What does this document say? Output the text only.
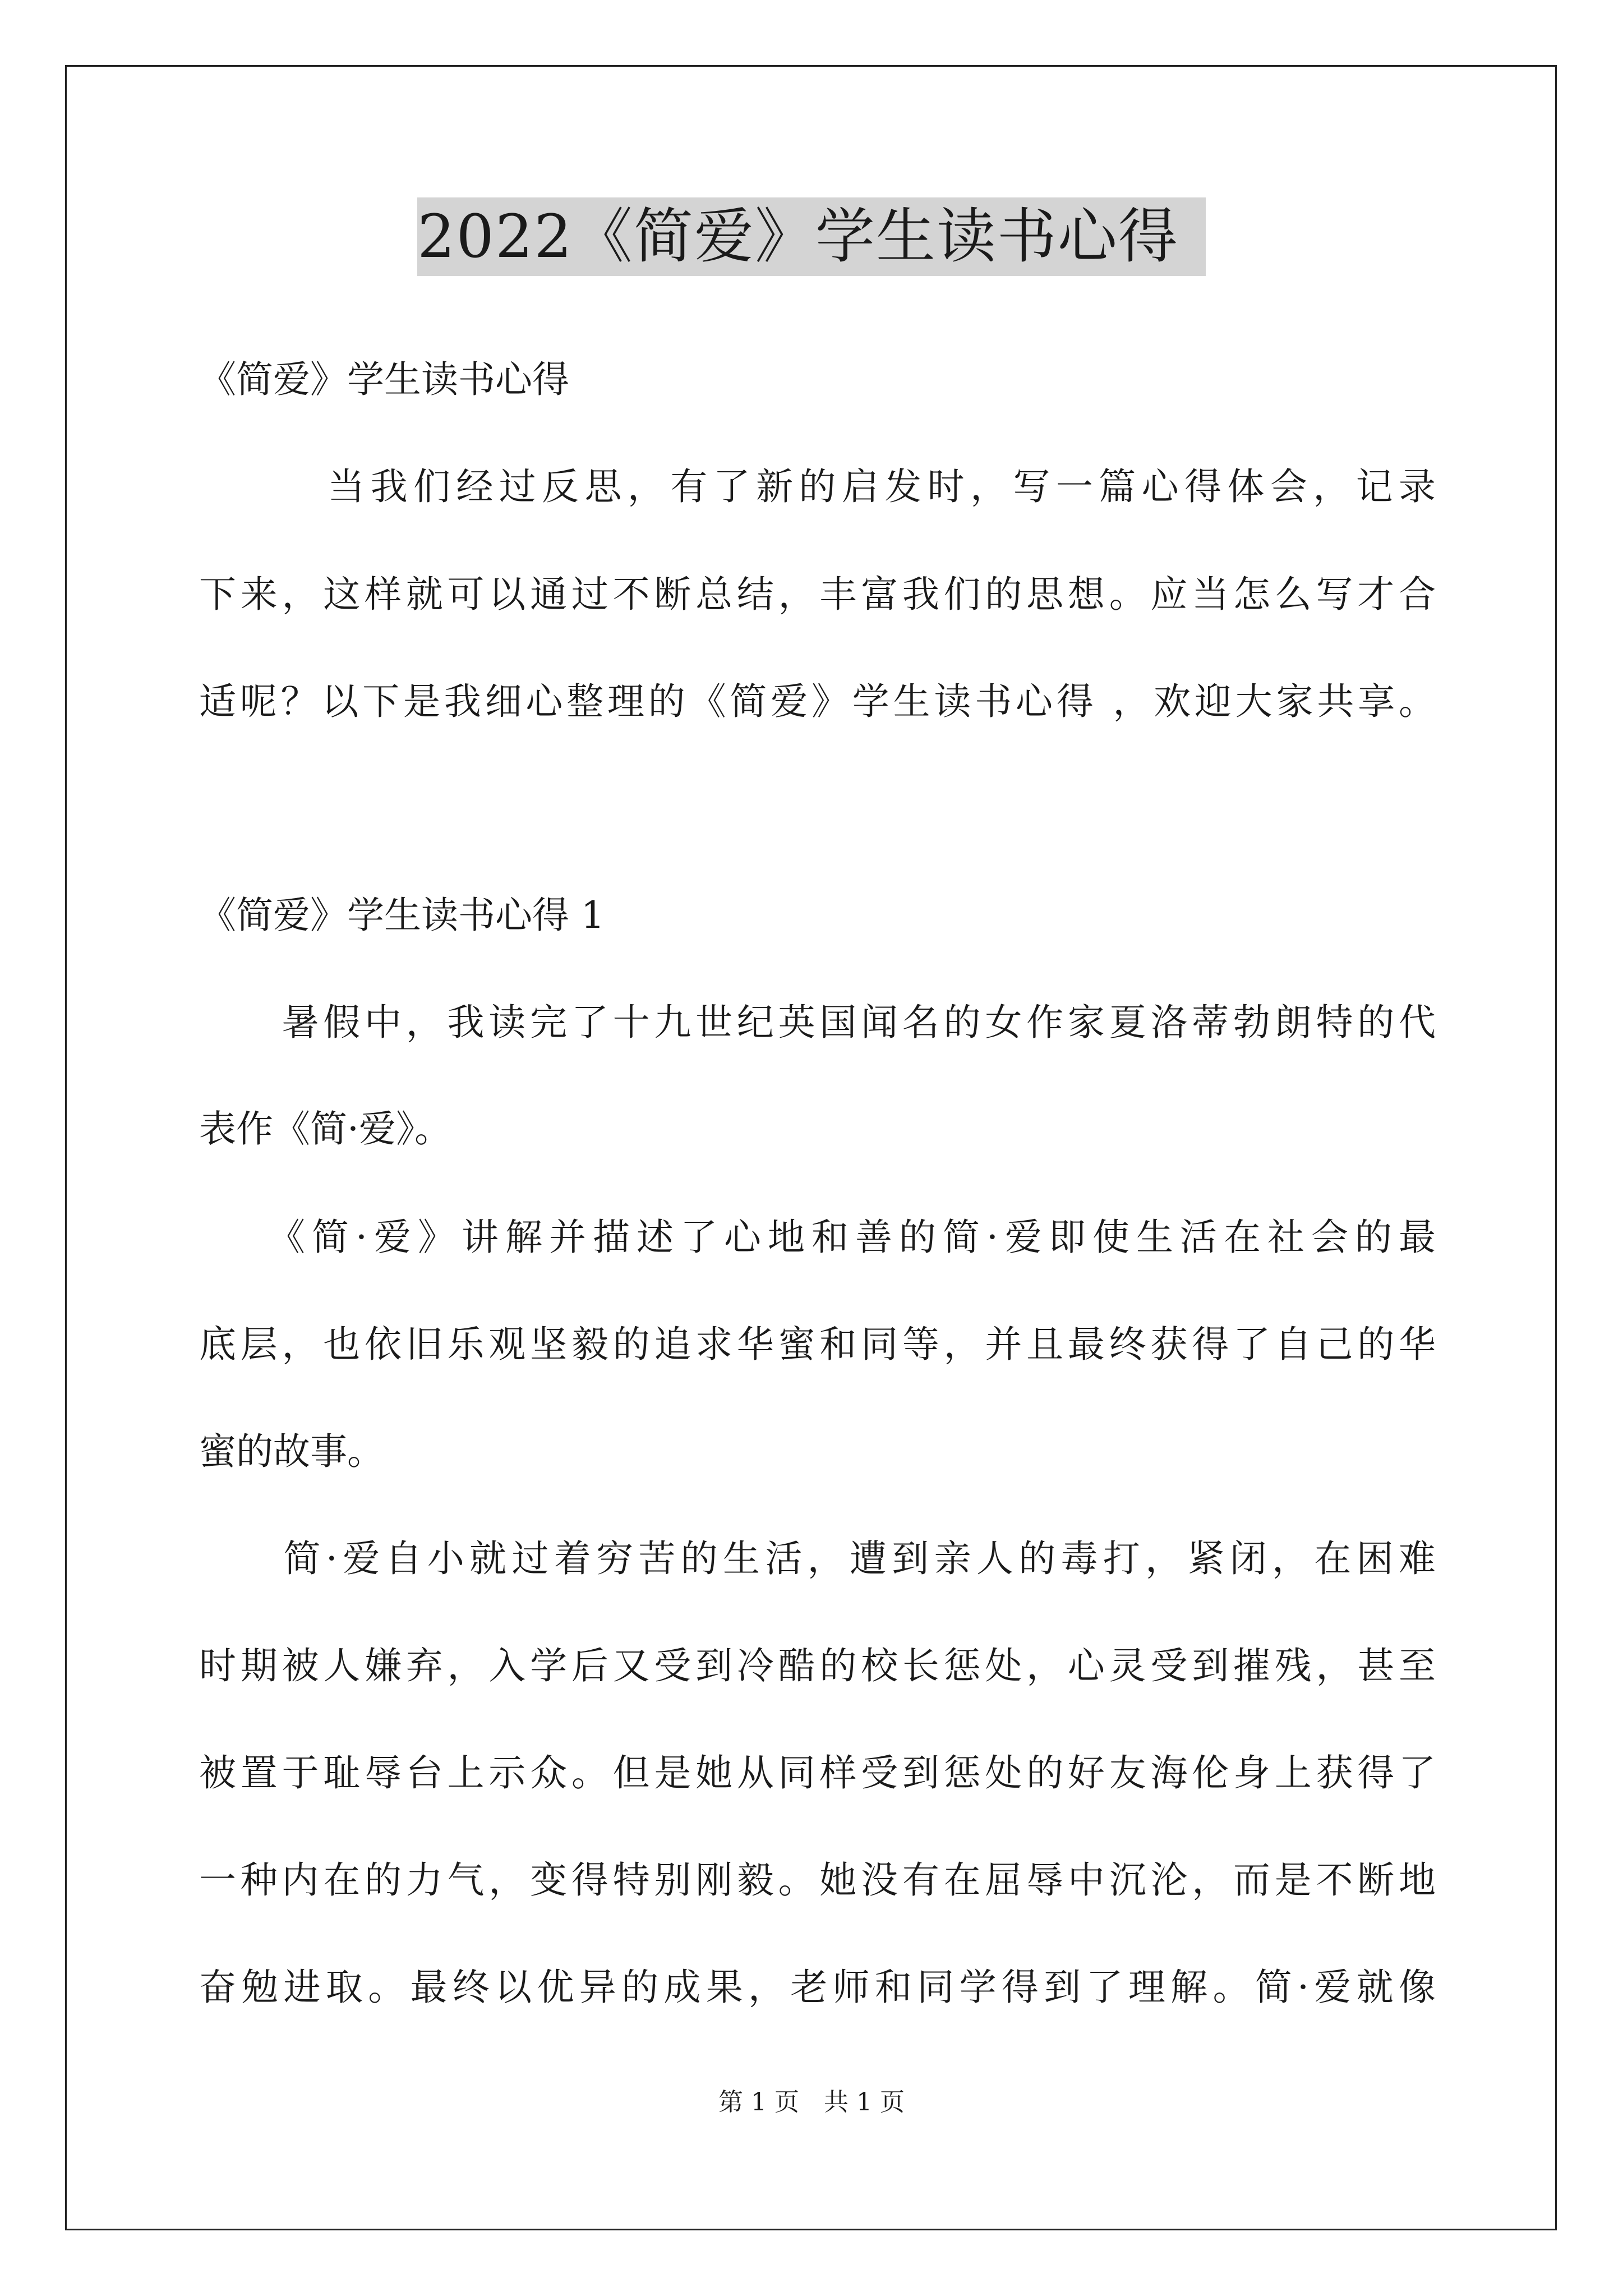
2022《简爱》学生读书心得
《简爱》学生读书心得
　　　当我们经过反思，有了新的启发时，写一篇心得体会，记录
下来，这样就可以通过不断总结，丰富我们的思想。应当怎么写才合
适呢？以下是我细心整理的《简爱》学生读书心得 ，欢迎大家共享。
《简爱》学生读书心得 1
　　暑假中，我读完了十九世纪英国闻名的女作家夏洛蒂勃朗特的代
表作《简·爱》。
　　《简·爱》讲解并描述了心地和善的简·爱即使生活在社会的最
底层，也依旧乐观坚毅的追求华蜜和同等，并且最终获得了自己的华
蜜的故事。
　　简·爱自小就过着穷苦的生活，遭到亲人的毒打，紧闭，在困难
时期被人嫌弃，入学后又受到冷酷的校长惩处，心灵受到摧残，甚至
被置于耻辱台上示众。但是她从同样受到惩处的好友海伦身上获得了
一种内在的力气，变得特别刚毅。她没有在屈辱中沉沦，而是不断地
奋勉进取。最终以优异的成果，老师和同学得到了理解。简·爱就像
第 1 页　共 1 页
